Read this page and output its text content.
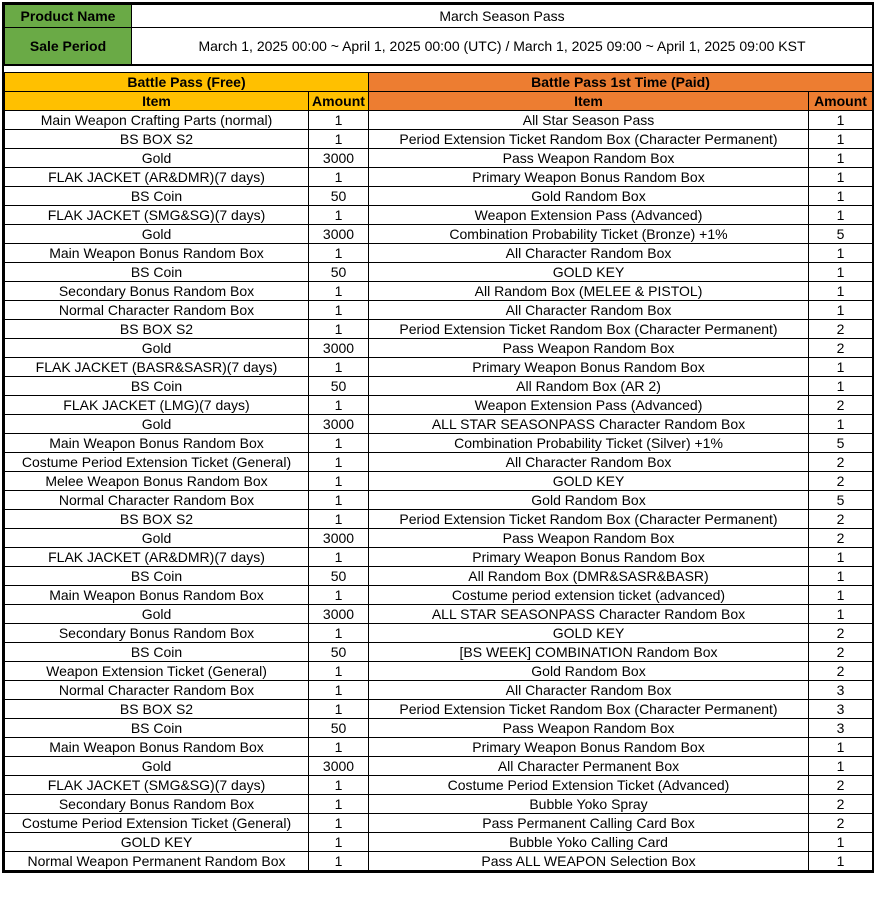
Product Name	March Season Pass
Sale Period	March 1, 2025 00:00 ~ April 1, 2025 00:00 (UTC) / March 1, 2025 09:00 ~ April 1, 2025 09:00 KST
Battle Pass (Free)		Battle Pass 1st Time (Paid)	
Item	Amount	Item	Amount
Main Weapon Crafting Parts (normal)	1	All Star Season Pass	1
BS BOX S2	1	Period Extension Ticket Random Box (Character Permanent)	1
Gold	3000	Pass Weapon Random Box	1
FLAK JACKET (AR&DMR)(7 days)	1	Primary Weapon Bonus Random Box	1
BS Coin	50	Gold Random Box	1
FLAK JACKET (SMG&SG)(7 days)	1	Weapon Extension Pass (Advanced)	1
Gold	3000	Combination Probability Ticket (Bronze) +1%	5
Main Weapon Bonus Random Box	1	All Character Random Box	1
BS Coin	50	GOLD KEY	1
Secondary Bonus Random Box	1	All Random Box (MELEE & PISTOL)	1
Normal Character Random Box	1	All Character Random Box	1
BS BOX S2	1	Period Extension Ticket Random Box (Character Permanent)	2
Gold	3000	Pass Weapon Random Box	2
FLAK JACKET (BASR&SASR)(7 days)	1	Primary Weapon Bonus Random Box	1
BS Coin	50	All Random Box (AR 2)	1
FLAK JACKET (LMG)(7 days)	1	Weapon Extension Pass (Advanced)	2
Gold	3000	ALL STAR SEASONPASS Character Random Box	1
Main Weapon Bonus Random Box	1	Combination Probability Ticket (Silver) +1%	5
Costume Period Extension Ticket (General)	1	All Character Random Box	2
Melee Weapon Bonus Random Box	1	GOLD KEY	2
Normal Character Random Box	1	Gold Random Box	5
BS BOX S2	1	Period Extension Ticket Random Box (Character Permanent)	2
Gold	3000	Pass Weapon Random Box	2
FLAK JACKET (AR&DMR)(7 days)	1	Primary Weapon Bonus Random Box	1
BS Coin	50	All Random Box (DMR&SASR&BASR)	1
Main Weapon Bonus Random Box	1	Costume period extension ticket (advanced)	1
Gold	3000	ALL STAR SEASONPASS Character Random Box	1
Secondary Bonus Random Box	1	GOLD KEY	2
BS Coin	50	[BS WEEK] COMBINATION Random Box	2
Weapon Extension Ticket (General)	1	Gold Random Box	2
Normal Character Random Box	1	All Character Random Box	3
BS BOX S2	1	Period Extension Ticket Random Box (Character Permanent)	3
BS Coin	50	Pass Weapon Random Box	3
Main Weapon Bonus Random Box	1	Primary Weapon Bonus Random Box	1
Gold	3000	All Character Permanent Box	1
FLAK JACKET (SMG&SG)(7 days)	1	Costume Period Extension Ticket (Advanced)	2
Secondary Bonus Random Box	1	Bubble Yoko Spray	2
Costume Period Extension Ticket (General)	1	Pass Permanent Calling Card Box	2
GOLD KEY	1	Bubble Yoko Calling Card	1
Normal Weapon Permanent Random Box	1	Pass ALL WEAPON Selection Box	1
